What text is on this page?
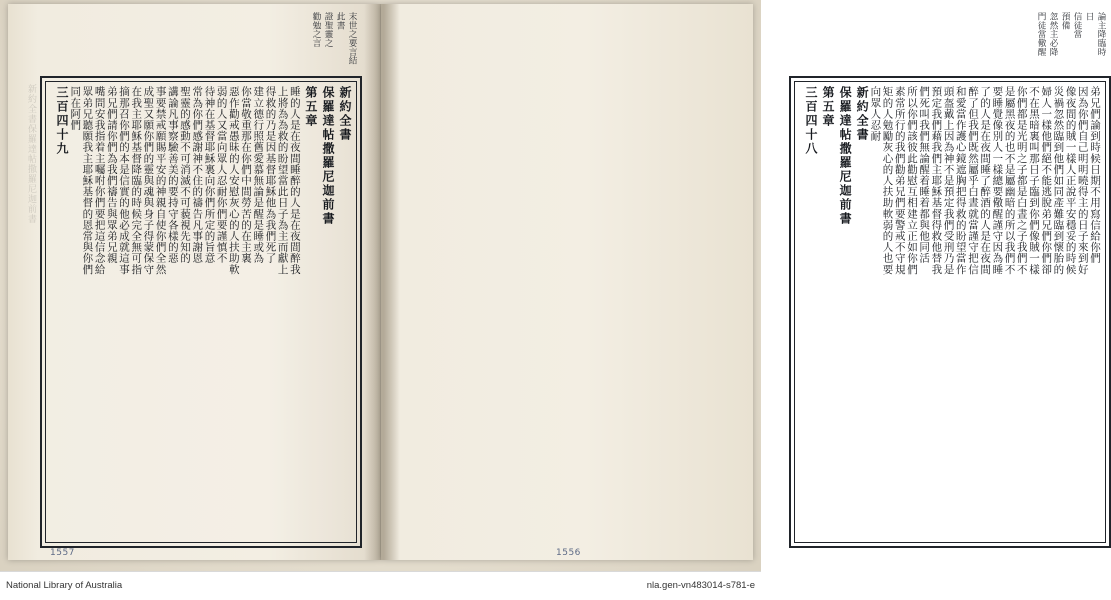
新約全書保羅達帖撒羅尼迦前書
末世之要言結
此書
證聖靈之
勸勉之言
新約全書
保羅達帖撒羅尼迦前書
第五章
睡的人是在夜間睡醉的人是在夜間醉我
上將為為救的盼望當此日子為主而獻上
得救的乃是因基督耶穌他為我們死了
建立德行照舊愛慕無論是醒是睡或為
你當敬重那在你們中間勞苦的在主裏
惡作勸戒愚昧的人安慰灰心的人扶助軟
弱的人又當向眾人忍耐你們要謹慎不
待神在基督耶穌裏向你們所定的旨意
常為你們感謝神不住的禱告凡事謝恩
聖靈的感動不可消滅不可藐視先知的
講論凡事察驗善美的要持守各樣的惡
事要禁戒願賜平安的神親自使你們全然
成聖又願你們的靈與魂與身子得蒙保守
在我主耶穌基督降臨的時候完全無可指
摘那召你們的本是信實的他必成就這事
弟兄們請你們為我們禱告與眾弟兄親
嘴問安我指着主囑咐你們要把這信念給
眾弟兄聽願我主耶穌基督的恩常與你們
同在阿們
三百四十九
論主降臨時
日
信徒當
預備
忽然主必降
門徒當儆醒
弟兄們論到時候日期不用寫信給你們
因為你們自己明明曉得主的日子來到好
像夜間的賊一樣人正說平安穩妥的時候
災禍忽然臨到他們如同產難臨到懷胎的
婦人一樣他們絕不能逃脫弟兄們你們卻
不在黑暗裏叫那日子臨到你們像賊一樣
你們都是光明之子都是白晝之子我們不
是屬黑夜的也不是屬幽暗的所以我們不
要睡覺像別人一樣總要儆醒謹守因為睡
了的人是在夜間睡了醉酒的人是在夜間
醉了但我們既然屬乎白晝就當謹守把信
和愛當作護心鏡遮胸把得救的盼望當作
頭盔戴上因為神不是預定我們受刑乃是
預定我們藉我們主耶穌基督得救他替我
們死叫我們無論醒着睡着都與他同活
所以你們該彼此勸慰互相建立正如你們
素常所行的我們勸弟兄們要警戒不守規
矩的人勉勵灰心的人扶助軟弱的人也要
向眾人忍耐
新約全書
保羅達帖撒羅尼迦前書
第五章
三百四十八
1557	1556
National Library of Australia	nla.gen-vn483014-s781-e
